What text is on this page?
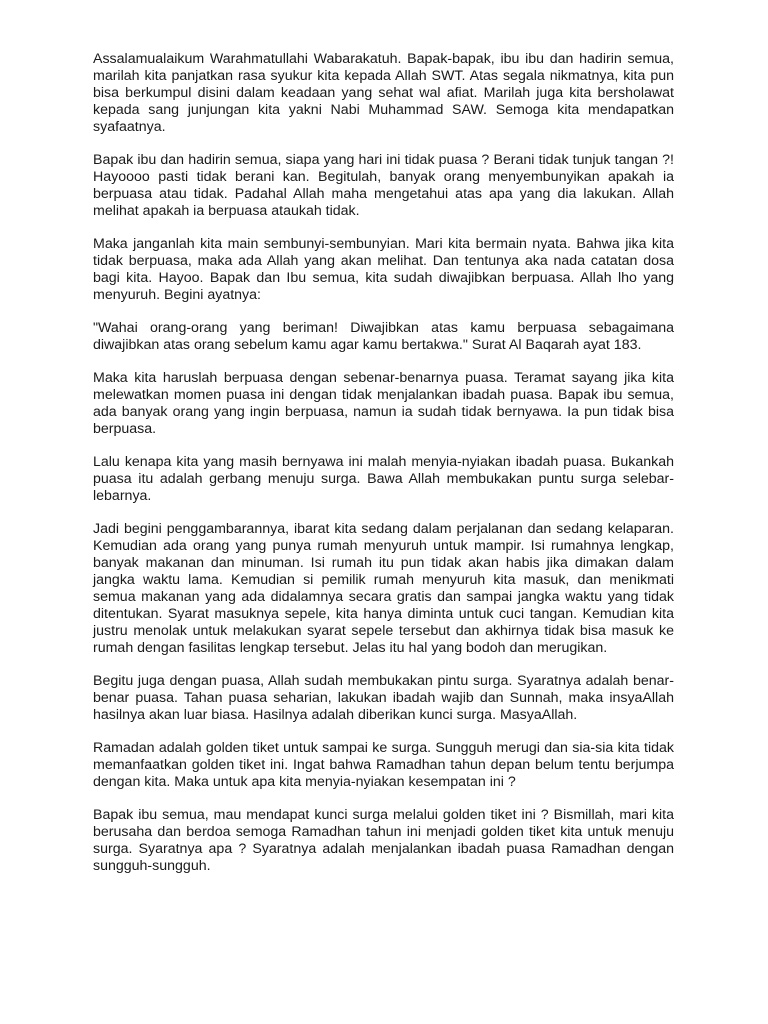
Assalamualaikum Warahmatullahi Wabarakatuh. Bapak-bapak, ibu ibu dan hadirin semua, marilah kita panjatkan rasa syukur kita kepada Allah SWT. Atas segala nikmatnya, kita pun bisa berkumpul disini dalam keadaan yang sehat wal afiat. Marilah juga kita bersholawat kepada sang junjungan kita yakni Nabi Muhammad SAW. Semoga kita mendapatkan syafaatnya.

Bapak ibu dan hadirin semua, siapa yang hari ini tidak puasa ? Berani tidak tunjuk tangan ?! Hayoooo pasti tidak berani kan. Begitulah, banyak orang menyembunyikan apakah ia berpuasa atau tidak. Padahal Allah maha mengetahui atas apa yang dia lakukan. Allah melihat apakah ia berpuasa ataukah tidak.

Maka janganlah kita main sembunyi-sembunyian. Mari kita bermain nyata. Bahwa jika kita tidak berpuasa, maka ada Allah yang akan melihat. Dan tentunya aka nada catatan dosa bagi kita. Hayoo. Bapak dan Ibu semua, kita sudah diwajibkan berpuasa. Allah lho yang menyuruh. Begini ayatnya:

"Wahai orang-orang yang beriman! Diwajibkan atas kamu berpuasa sebagaimana diwajibkan atas orang sebelum kamu agar kamu bertakwa." Surat Al Baqarah ayat 183.

Maka kita haruslah berpuasa dengan sebenar-benarnya puasa. Teramat sayang jika kita melewatkan momen puasa ini dengan tidak menjalankan ibadah puasa. Bapak ibu semua, ada banyak orang yang ingin berpuasa, namun ia sudah tidak bernyawa. Ia pun tidak bisa berpuasa.

Lalu kenapa kita yang masih bernyawa ini malah menyia-nyiakan ibadah puasa. Bukankah puasa itu adalah gerbang menuju surga. Bawa Allah membukakan puntu surga selebar-lebarnya.

Jadi begini penggambarannya, ibarat kita sedang dalam perjalanan dan sedang kelaparan. Kemudian ada orang yang punya rumah menyuruh untuk mampir. Isi rumahnya lengkap, banyak makanan dan minuman. Isi rumah itu pun tidak akan habis jika dimakan dalam jangka waktu lama. Kemudian si pemilik rumah menyuruh kita masuk, dan menikmati semua makanan yang ada didalamnya secara gratis dan sampai jangka waktu yang tidak ditentukan. Syarat masuknya sepele, kita hanya diminta untuk cuci tangan. Kemudian kita justru menolak untuk melakukan syarat sepele tersebut dan akhirnya tidak bisa masuk ke rumah dengan fasilitas lengkap tersebut. Jelas itu hal yang bodoh dan merugikan.

Begitu juga dengan puasa, Allah sudah membukakan pintu surga. Syaratnya adalah benar-benar puasa. Tahan puasa seharian, lakukan ibadah wajib dan Sunnah, maka insyaAllah hasilnya akan luar biasa. Hasilnya adalah diberikan kunci surga. MasyaAllah.

Ramadan adalah golden tiket untuk sampai ke surga. Sungguh merugi dan sia-sia kita tidak memanfaatkan golden tiket ini. Ingat bahwa Ramadhan tahun depan belum tentu berjumpa dengan kita. Maka untuk apa kita menyia-nyiakan kesempatan ini ?

Bapak ibu semua, mau mendapat kunci surga melalui golden tiket ini ? Bismillah, mari kita berusaha dan berdoa semoga Ramadhan tahun ini menjadi golden tiket kita untuk menuju surga. Syaratnya apa ? Syaratnya adalah menjalankan ibadah puasa Ramadhan dengan sungguh-sungguh.
